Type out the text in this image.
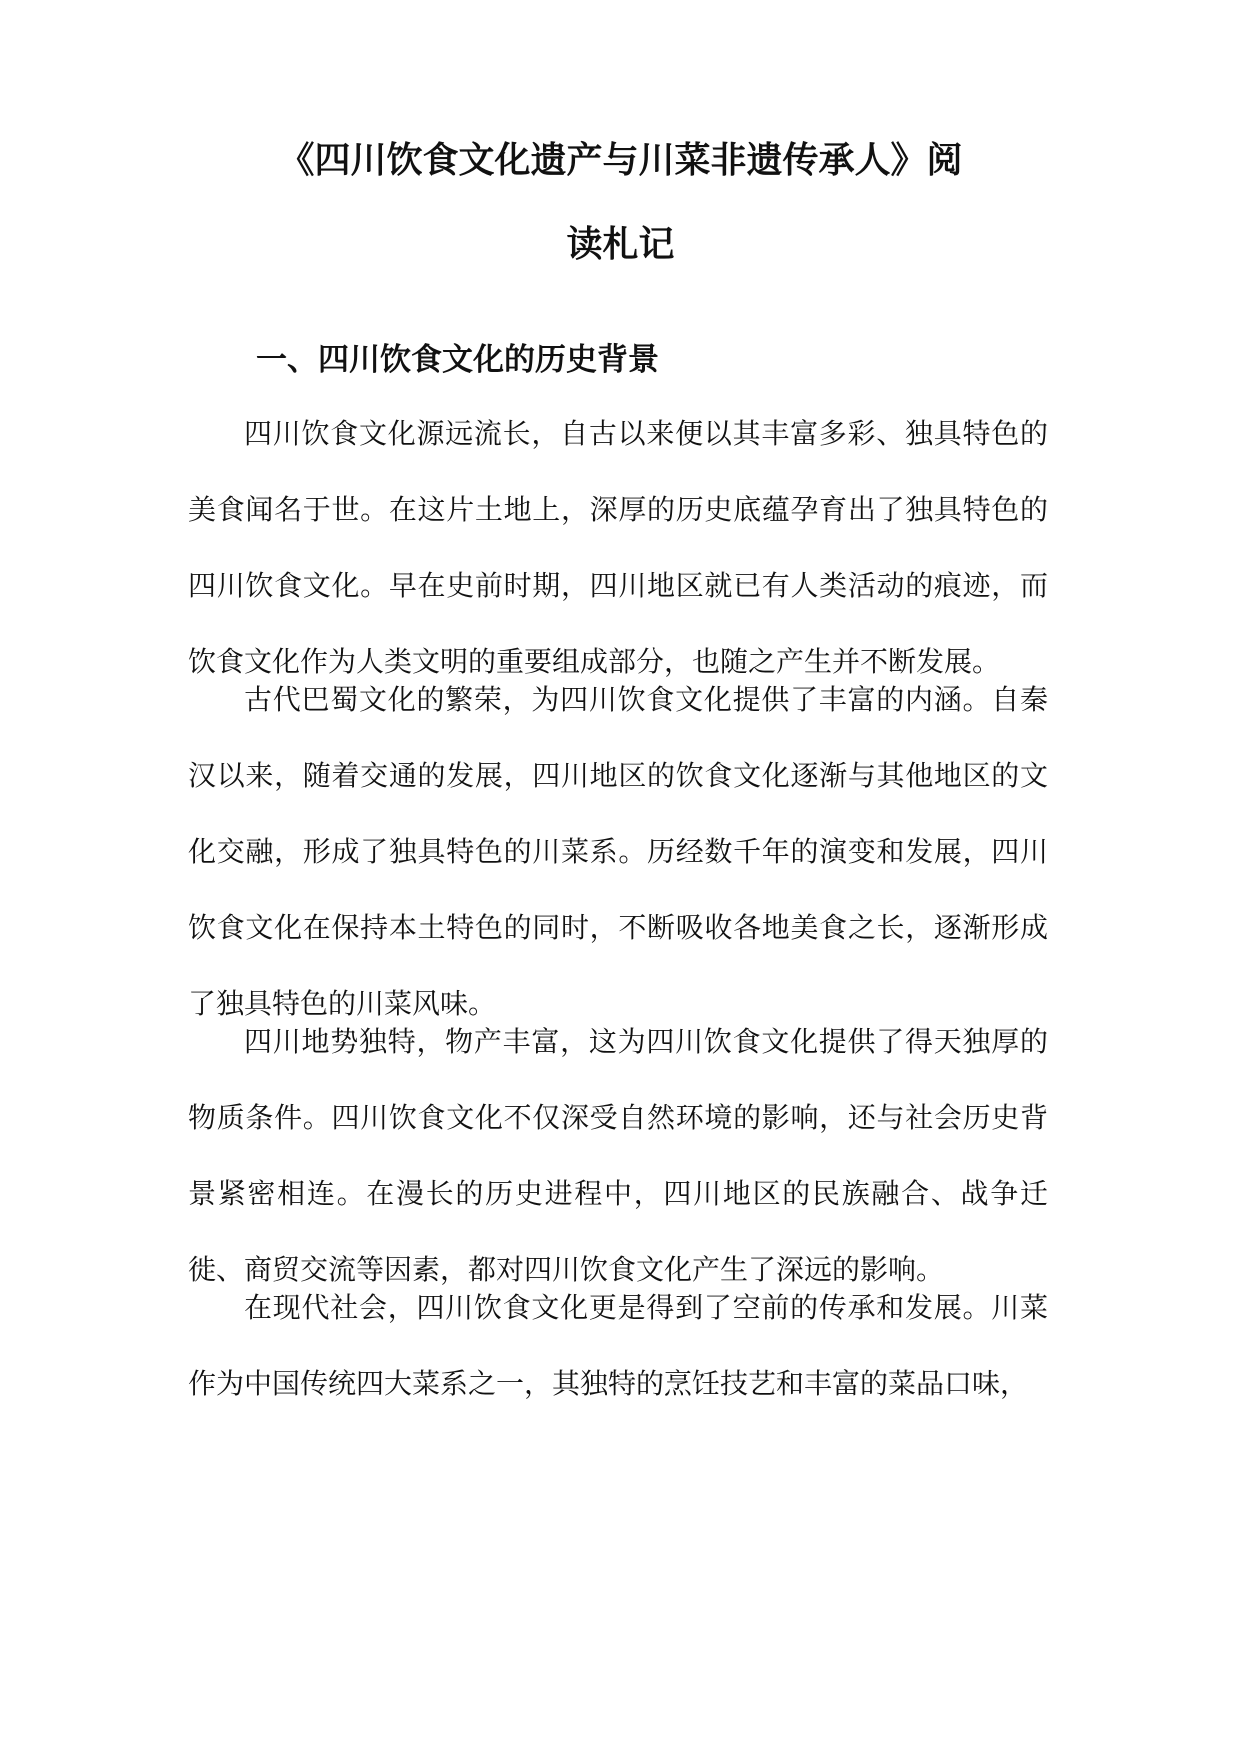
《四川饮食文化遗产与川菜非遗传承人》阅
读札记
一、四川饮食文化的历史背景

四川饮食文化源远流长，自古以来便以其丰富多彩、独具特色的美食闻名于世。在这片土地上，深厚的历史底蕴孕育出了独具特色的四川饮食文化。早在史前时期，四川地区就已有人类活动的痕迹，而饮食文化作为人类文明的重要组成部分，也随之产生并不断发展。

古代巴蜀文化的繁荣，为四川饮食文化提供了丰富的内涵。自秦汉以来，随着交通的发展，四川地区的饮食文化逐渐与其他地区的文化交融，形成了独具特色的川菜系。历经数千年的演变和发展，四川饮食文化在保持本土特色的同时，不断吸收各地美食之长，逐渐形成了独具特色的川菜风味。

四川地势独特，物产丰富，这为四川饮食文化提供了得天独厚的物质条件。四川饮食文化不仅深受自然环境的影响，还与社会历史背景紧密相连。在漫长的历史进程中，四川地区的民族融合、战争迁徙、商贸交流等因素，都对四川饮食文化产生了深远的影响。

在现代社会，四川饮食文化更是得到了空前的传承和发展。川菜作为中国传统四大菜系之一，其独特的烹饪技艺和丰富的菜品口味，
